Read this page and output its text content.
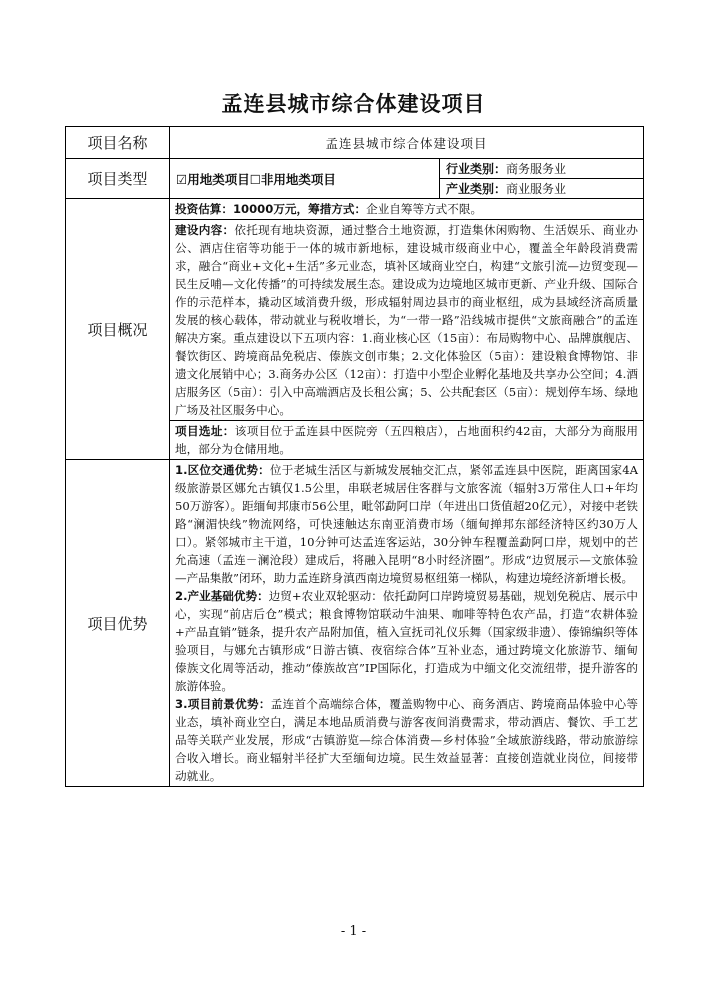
孟连县城市综合体建设项目
项目名称	孟连县城市综合体建设项目	
项目类型	☑用地类项目☐非用地类项目	行业类别：商务服务业
		产业类别：商业服务业
项目概况	投资估算：10000万元，筹措方式：企业自筹等方式不限。	
	建设内容：依托现有地块资源，通过整合土地资源，打造集休闲购物、生活娱乐、商业办公、酒店住宿等功能于一体的城市新地标，建设城市级商业中心，覆盖全年龄段消费需求，融合“商业+文化+生活”多元业态，填补区域商业空白，构建“文旅引流—边贸变现—民生反哺—文化传播”的可持续发展生态。建设成为边境地区城市更新、产业升级、国际合作的示范样本，撬动区域消费升级，形成辐射周边县市的商业枢纽，成为县域经济高质量发展的核心载体，带动就业与税收增长，为“一带一路”沿线城市提供“文旅商融合”的孟连解决方案。重点建设以下五项内容：1.商业核心区（15亩）：布局购物中心、品牌旗舰店、餐饮街区、跨境商品免税店、傣族文创市集；2.文化体验区（5亩）：建设粮食博物馆、非遗文化展销中心；3.商务办公区（12亩）：打造中小型企业孵化基地及共享办公空间；4.酒店服务区（5亩）：引入中高端酒店及长租公寓；5、公共配套区（5亩）：规划停车场、绿地广场及社区服务中心。	
	项目选址：该项目位于孟连县中医院旁（五四粮店），占地面积约42亩，大部分为商服用地，部分为仓储用地。	
项目优势	1.区位交通优势：位于老城生活区与新城发展轴交汇点，紧邻孟连县中医院，距离国家4A级旅游景区娜允古镇仅1.5公里，串联老城居住客群与文旅客流（辐射3万常住人口+年均50万游客）。距缅甸邦康市56公里，毗邻勐阿口岸（年进出口货值超20亿元），对接中老铁路“澜湄快线”物流网络，可快速触达东南亚消费市场（缅甸掸邦东部经济特区约30万人口）。紧邻城市主干道，10分钟可达孟连客运站，30分钟车程覆盖勐阿口岸，规划中的芒允高速（孟连－澜沧段）建成后，将融入昆明“8小时经济圈”。形成“边贸展示—文旅体验—产品集散”闭环，助力孟连跻身滇西南边境贸易枢纽第一梯队，构建边境经济新增长极。

2.产业基础优势：边贸+农业双轮驱动：依托勐阿口岸跨境贸易基础，规划免税店、展示中心，实现“前店后仓”模式；粮食博物馆联动牛油果、咖啡等特色农产品，打造“农耕体验+产品直销”链条，提升农产品附加值，植入宣抚司礼仪乐舞（国家级非遗）、傣锦编织等体验项目，与娜允古镇形成“日游古镇、夜宿综合体”互补业态，通过跨境文化旅游节、缅甸傣族文化周等活动，推动“傣族故宫”IP国际化，打造成为中缅文化交流纽带，提升游客的旅游体验。

3.项目前景优势：孟连首个高端综合体，覆盖购物中心、商务酒店、跨境商品体验中心等业态，填补商业空白，满足本地品质消费与游客夜间消费需求，带动酒店、餐饮、手工艺品等关联产业发展，形成“古镇游览—综合体消费—乡村体验”全域旅游线路，带动旅游综合收入增长。商业辐射半径扩大至缅甸边境。民生效益显著：直接创造就业岗位，间接带动就业。	

- 1 -
